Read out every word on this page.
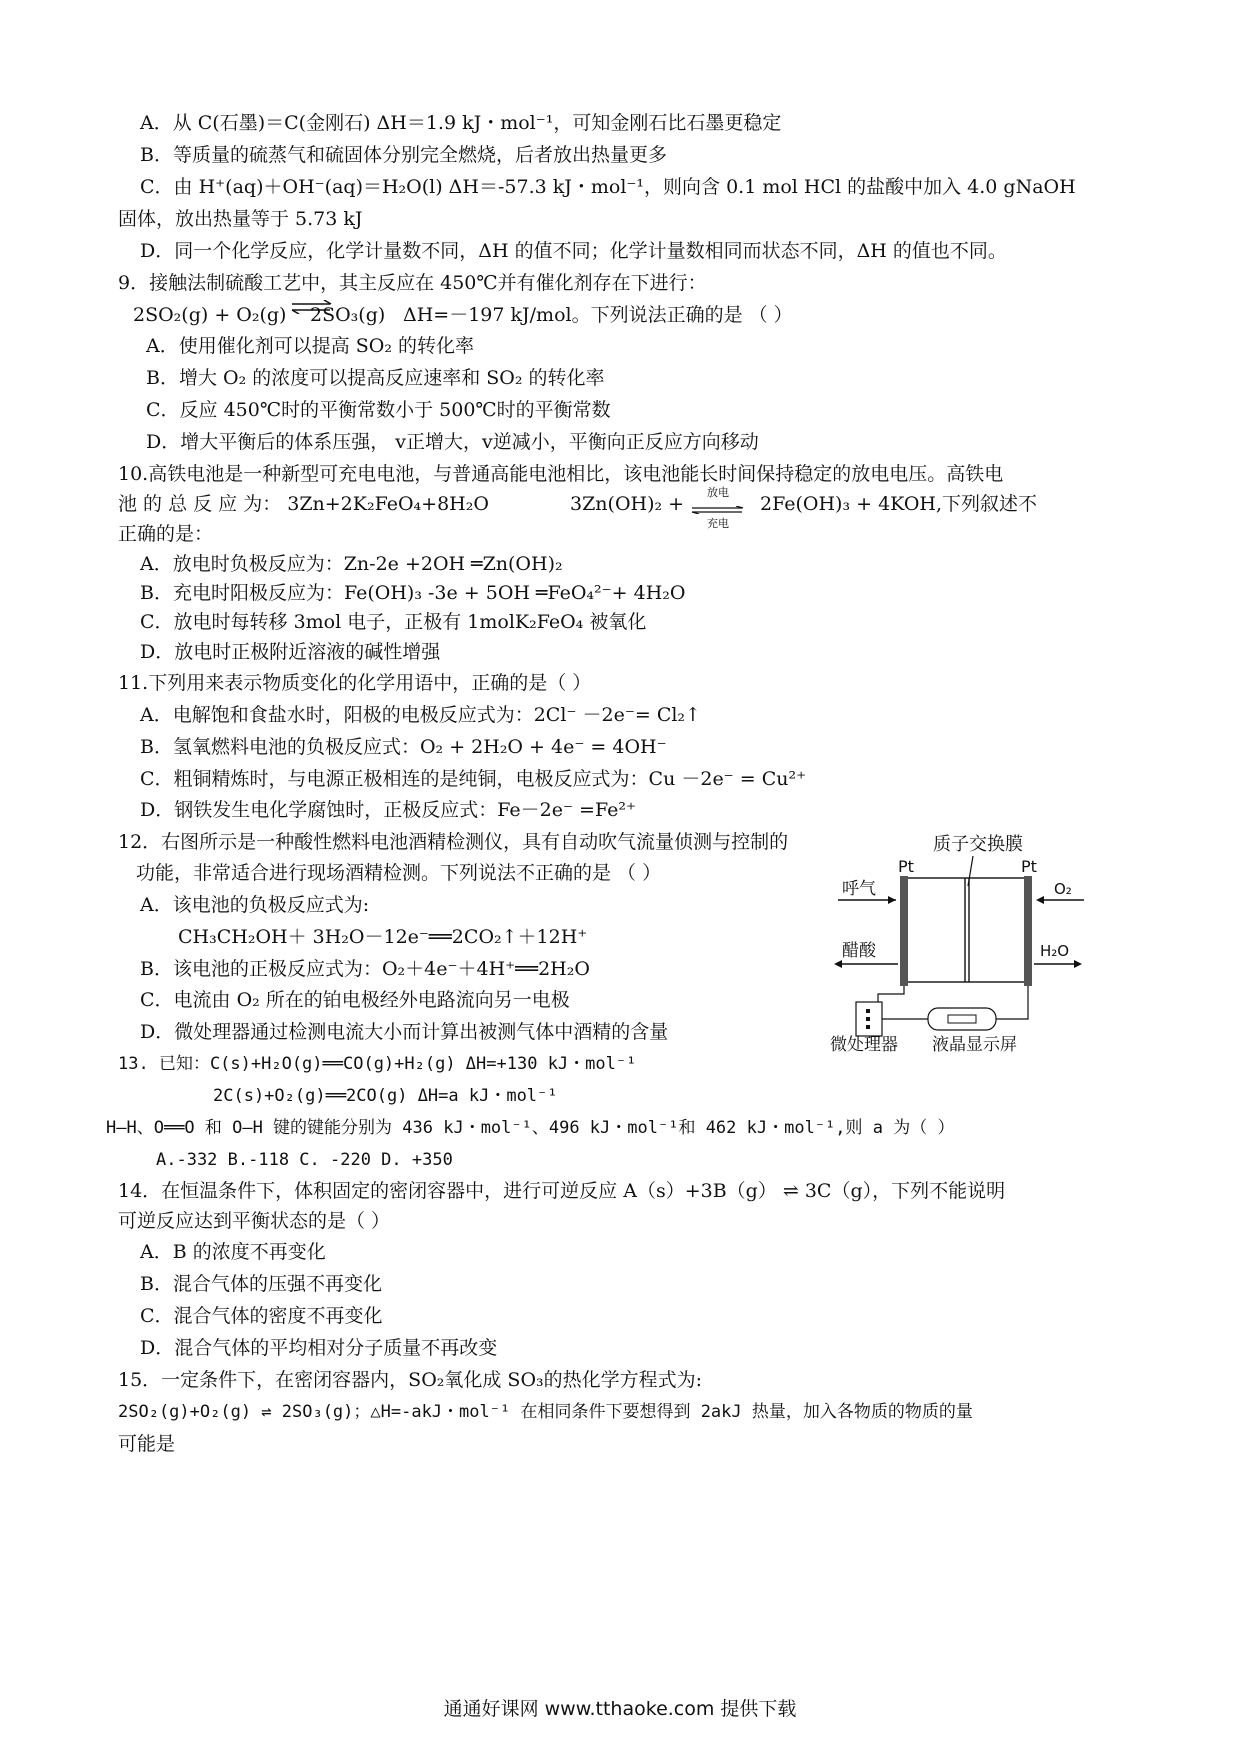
A．从 C(石墨)＝C(金刚石) ΔH＝1.9 kJ・mol⁻¹，可知金刚石比石墨更稳定
B．等质量的硫蒸气和硫固体分别完全燃烧，后者放出热量更多
C．由 H⁺(aq)＋OH⁻(aq)＝H₂O(l) ΔH＝-57.3 kJ・mol⁻¹，则向含 0.1 mol HCl 的盐酸中加入 4.0 gNaOH
固体，放出热量等于 5.73 kJ
D．同一个化学反应，化学计量数不同，ΔH 的值不同；化学计量数相同而状态不同，ΔH 的值也不同。
9．接触法制硫酸工艺中，其主反应在 450℃并有催化剂存在下进行：
2SO₂(g) + O₂(g) ⇌
2SO₃(g) ΔH=－197 kJ/mol。下列说法正确的是 （ ）
A．使用催化剂可以提高 SO₂ 的转化率
B．增大 O₂ 的浓度可以提高反应速率和 SO₂ 的转化率
C．反应 450℃时的平衡常数小于 500℃时的平衡常数
D．增大平衡后的体系压强， v正增大，v逆减小，平衡向正反应方向移动
10.高铁电池是一种新型可充电电池，与普通高能电池相比，该电池能长时间保持稳定的放电电压。高铁电
池 的 总 反 应 为： 3Zn+2K₂FeO₄+8H₂O	3Zn(OH)₂ +
放电
充电
2Fe(OH)₃ + 4KOH,下列叙述不
正确的是：
A．放电时负极反应为：Zn-2e +2OH ═Zn(OH)₂
B．充电时阳极反应为：Fe(OH)₃ -3e + 5OH ═FeO₄²⁻+ 4H₂O
C．放电时每转移 3mol 电子，正极有 1molK₂FeO₄ 被氧化
D．放电时正极附近溶液的碱性增强
11.下列用来表示物质变化的化学用语中，正确的是（ ）
A．电解饱和食盐水时，阳极的电极反应式为：2Cl⁻ －2e⁻= Cl₂↑
B．氢氧燃料电池的负极反应式：O₂ + 2H₂O + 4e⁻ = 4OH⁻
C．粗铜精炼时，与电源正极相连的是纯铜，电极反应式为：Cu －2e⁻ = Cu²⁺
D．钢铁发生电化学腐蚀时，正极反应式：Fe－2e⁻ =Fe²⁺
12．右图所示是一种酸性燃料电池酒精检测仪，具有自动吹气流量侦测与控制的
功能，非常适合进行现场酒精检测。下列说法不正确的是 （ ）
A．该电池的负极反应式为:
CH₃CH₂OH＋ 3H₂O－12e⁻══2CO₂↑＋12H⁺
B．该电池的正极反应式为：O₂＋4e⁻＋4H⁺══2H₂O
C．电流由 O₂ 所在的铂电极经外电路流向另一电极
D．微处理器通过检测电流大小而计算出被测气体中酒精的含量
质子交换膜
Pt	Pt
呼气	O₂
醋酸	H₂O
微处理器 液晶显示屏
13. 已知：C(s)+H₂O(g)══CO(g)+H₂(g) ΔH=+130 kJ・mol⁻¹
2C(s)+O₂(g)══2CO(g) ΔH=a kJ・mol⁻¹
H—H、O══O 和 O—H 键的键能分别为 436 kJ・mol⁻¹、496 kJ・mol⁻¹和 462 kJ・mol⁻¹,则 a 为（ ）
A.-332 B.-118 C. -220 D. +350
14．在恒温条件下，体积固定的密闭容器中，进行可逆反应 A（s）+3B（g） ⇌ 3C（g），下列不能说明
可逆反应达到平衡状态的是（ ）
A．B 的浓度不再变化
B．混合气体的压强不再变化
C．混合气体的密度不再变化
D．混合气体的平均相对分子质量不再改变
15．一定条件下，在密闭容器内，SO₂氧化成 SO₃的热化学方程式为:
2SO₂(g)+O₂(g) ⇌ 2SO₃(g)；△H=-akJ・mol⁻¹ 在相同条件下要想得到 2akJ 热量，加入各物质的物质的量
可能是
通通好课网 www.tthaoke.com 提供下载
